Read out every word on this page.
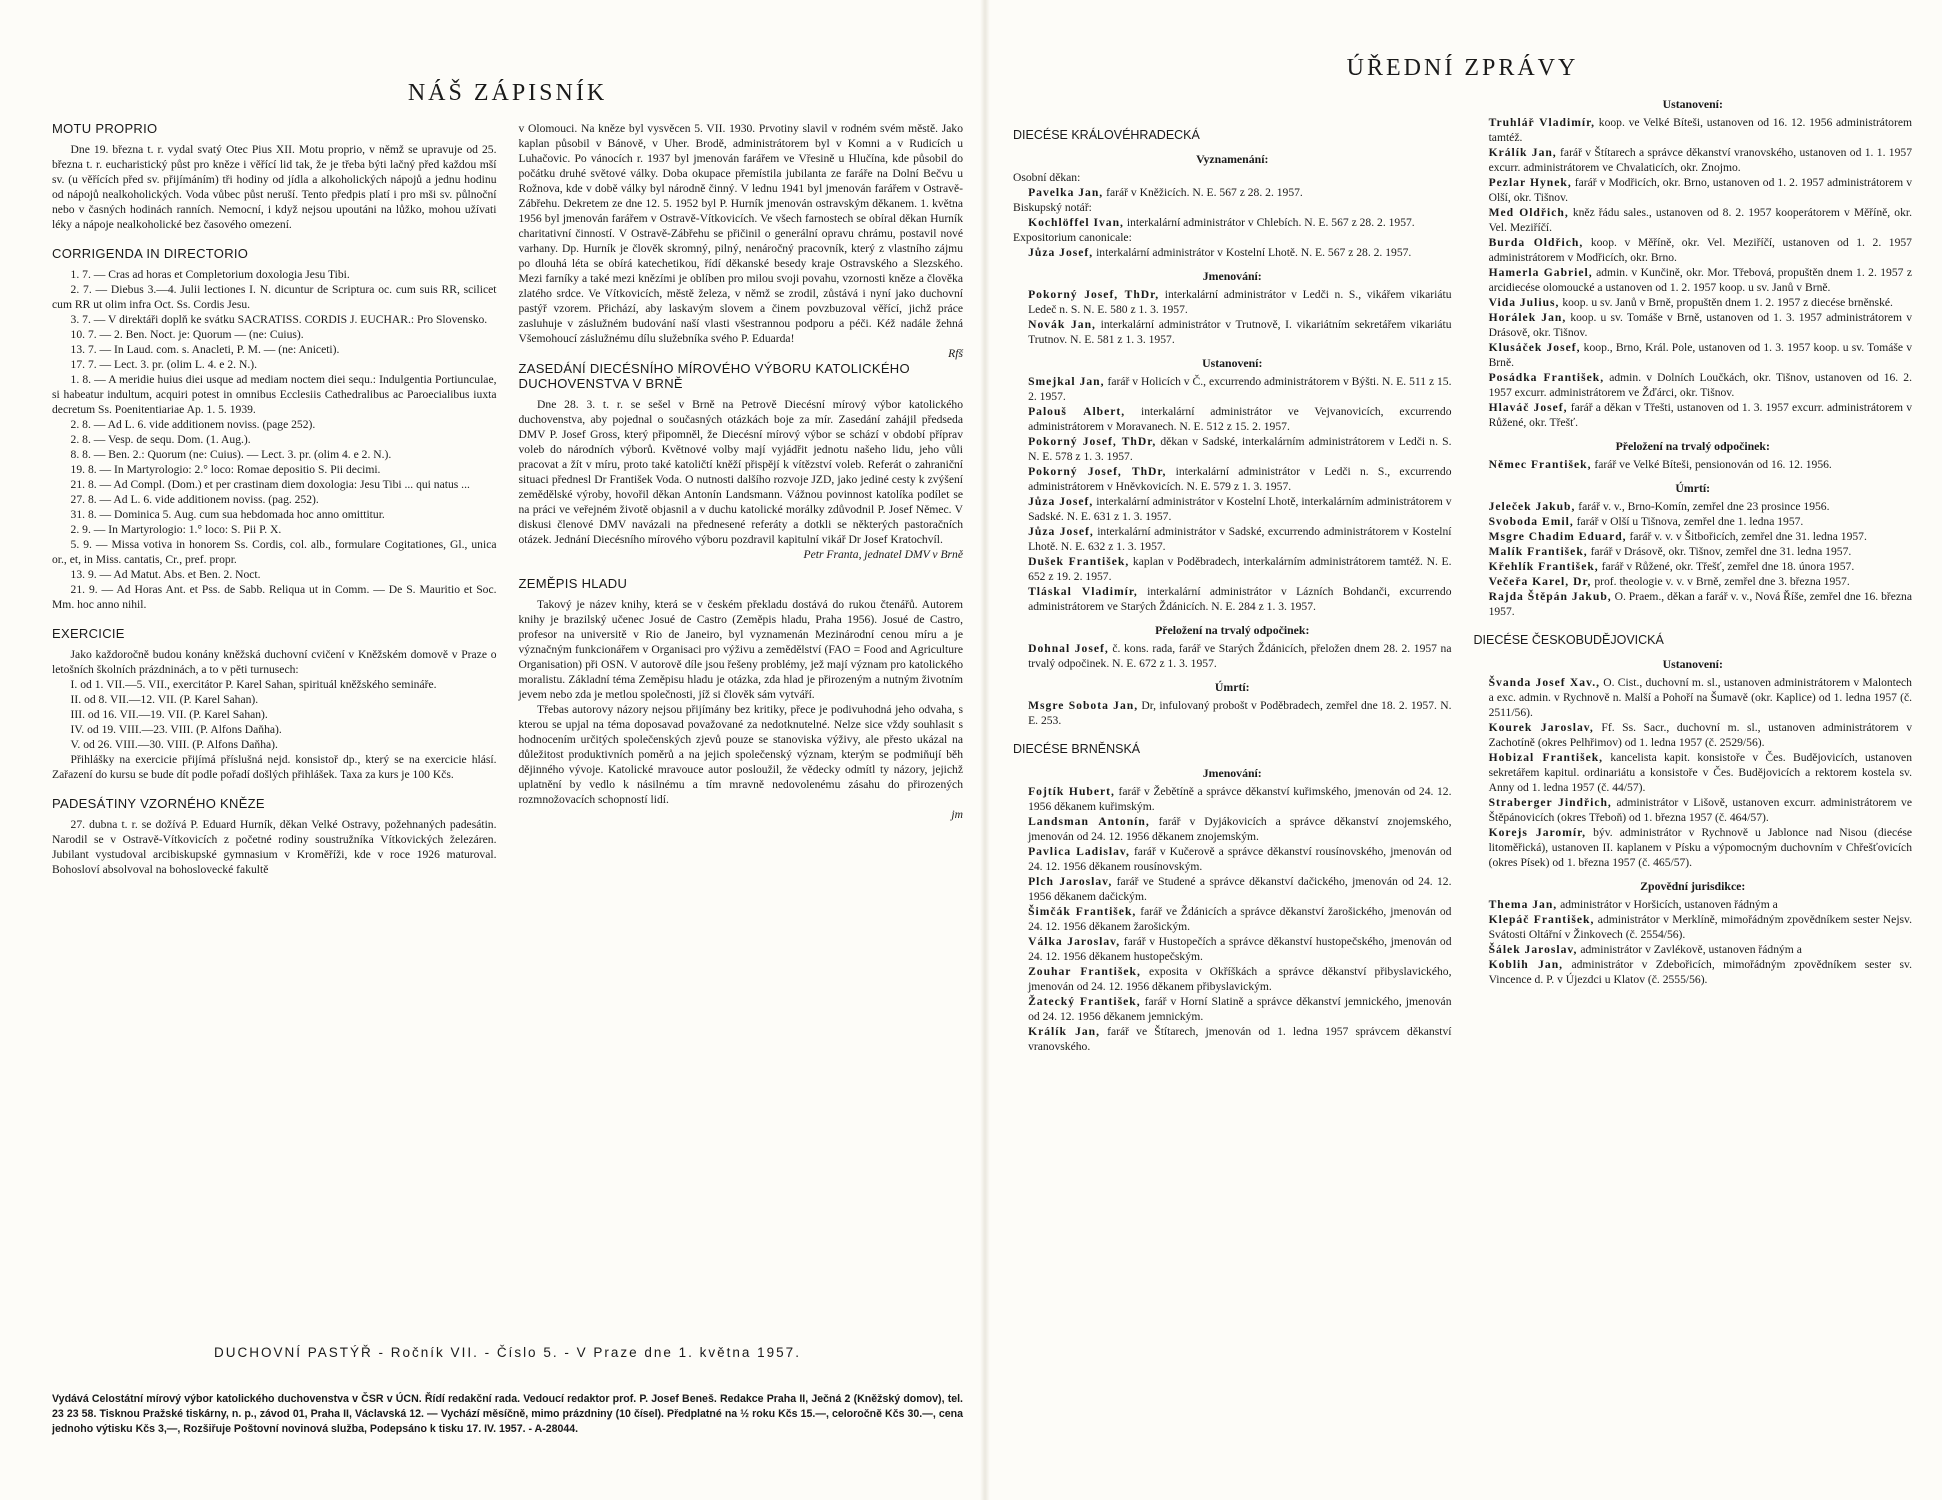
NÁŠ ZÁPISNÍK
MOTU PROPRIO

Dne 19. března t. r. vydal svatý Otec Pius XII. Motu proprio, v němž se upravuje od 25. března t. r. eucharistický půst pro kněze i věřící lid tak, že je třeba býti lačný před každou mší sv. (u věřících před sv. přijímáním) tři hodiny od jídla a alkoholických nápojů a jednu hodinu od nápojů nealkoholických. Voda vůbec půst neruší. Tento předpis platí i pro mši sv. půlnoční nebo v časných hodinách ranních. Nemocní, i když nejsou upoutáni na lůžko, mohou užívati léky a nápoje nealkoholické bez časového omezení.

CORRIGENDA IN DIRECTORIO

1. 7. — Cras ad horas et Completorium doxologia Jesu Tibi.

2. 7. — Diebus 3.—4. Julii lectiones I. N. dicuntur de Scriptura oc. cum suis RR, scilicet cum RR ut olim infra Oct. Ss. Cordis Jesu.

3. 7. — V direktáři doplň ke svátku SACRATISS. CORDIS J. EUCHAR.: Pro Slovensko.

10. 7. — 2. Ben. Noct. je: Quorum — (ne: Cuius).

13. 7. — In Laud. com. s. Anacleti, P. M. — (ne: Aniceti).

17. 7. — Lect. 3. pr. (olim L. 4. e 2. N.).

1. 8. — A meridie huius diei usque ad mediam noctem diei sequ.: Indulgentia Portiunculae, si habeatur indultum, acquiri potest in omnibus Ecclesiis Cathedralibus ac Paroecialibus iuxta decretum Ss. Poenitentiariae Ap. 1. 5. 1939.

2. 8. — Ad L. 6. vide additionem noviss. (page 252).

2. 8. — Vesp. de sequ. Dom. (1. Aug.).

8. 8. — Ben. 2.: Quorum (ne: Cuius). — Lect. 3. pr. (olim 4. e 2. N.).

19. 8. — In Martyrologio: 2.° loco: Romae depositio S. Pii decimi.

21. 8. — Ad Compl. (Dom.) et per crastinam diem doxologia: Jesu Tibi ... qui natus ...

27. 8. — Ad L. 6. vide additionem noviss. (pag. 252).

31. 8. — Dominica 5. Aug. cum sua hebdomada hoc anno omittitur.

2. 9. — In Martyrologio: 1.° loco: S. Pii P. X.

5. 9. — Missa votiva in honorem Ss. Cordis, col. alb., formulare Cogitationes, Gl., unica or., et, in Miss. cantatis, Cr., pref. propr.

13. 9. — Ad Matut. Abs. et Ben. 2. Noct.

21. 9. — Ad Horas Ant. et Pss. de Sabb. Reliqua ut in Comm. — De S. Mauritio et Soc. Mm. hoc anno nihil.

EXERCICIE

Jako každoročně budou konány kněžská duchovní cvičení v Kněžském domově v Praze o letošních školních prázdninách, a to v pěti turnusech:

I. od 1. VII.—5. VII., exercitátor P. Karel Sahan, spirituál kněžského semináře.

II. od 8. VII.—12. VII. (P. Karel Sahan).

III. od 16. VII.—19. VII. (P. Karel Sahan).

IV. od 19. VIII.—23. VIII. (P. Alfons Daňha).

V. od 26. VIII.—30. VIII. (P. Alfons Daňha).

Přihlášky na exercicie přijímá příslušná nejd. konsistoř dp., který se na exercicie hlásí. Zařazení do kursu se bude dít podle pořadí došlých přihlášek. Taxa za kurs je 100 Kčs.

PADESÁTINY VZORNÉHO KNĚZE

27. dubna t. r. se dožívá P. Eduard Hurník, děkan Velké Ostravy, požehnaných padesátin. Narodil se v Ostravě-Vítkovicích z početné rodiny soustružníka Vítkovických železáren. Jubilant vystudoval arcibiskupské gymnasium v Kroměříži, kde v roce 1926 maturoval. Bohosloví absolvoval na bohoslovecké fakultě

v Olomouci. Na kněze byl vysvěcen 5. VII. 1930. Prvotiny slavil v rodném svém městě. Jako kaplan působil v Bánově, v Uher. Brodě, administrátorem byl v Komni a v Rudicích u Luhačovic. Po vánocích r. 1937 byl jmenován farářem ve Vřesině u Hlučína, kde působil do počátku druhé světové války. Doba okupace přemístila jubilanta ze faráře na Dolní Bečvu u Rožnova, kde v době války byl národně činný. V lednu 1941 byl jmenován farářem v Ostravě-Zábřehu. Dekretem ze dne 12. 5. 1952 byl P. Hurník jmenován ostravským děkanem. 1. května 1956 byl jmenován farářem v Ostravě-Vítkovicích. Ve všech farnostech se obíral děkan Hurník charitativní činností. V Ostravě-Zábřehu se přičinil o generální opravu chrámu, postavil nové varhany. Dp. Hurník je člověk skromný, pilný, nenáročný pracovník, který z vlastního zájmu po dlouhá léta se obírá katechetikou, řídí děkanské besedy kraje Ostravského a Slezského. Mezi farníky a také mezi knězími je oblíben pro milou svoji povahu, vzornosti kněze a člověka zlatého srdce. Ve Vítkovicích, městě železa, v němž se zrodil, zůstává i nyní jako duchovní pastýř vzorem. Přichází, aby laskavým slovem a činem povzbuzoval věřící, jichž práce zasluhuje v záslužném budování naší vlasti všestrannou podporu a péči. Kéž nadále žehná Všemohoucí záslužnému dílu služebníka svého P. Eduarda!

Rfš
ZASEDÁNÍ DIECÉSNÍHO MÍROVÉHO VÝBORU KATOLICKÉHO DUCHOVENSTVA V BRNĚ

Dne 28. 3. t. r. se sešel v Brně na Petrově Diecésní mírový výbor katolického duchovenstva, aby pojednal o současných otázkách boje za mír. Zasedání zahájil předseda DMV P. Josef Gross, který připomněl, že Diecésní mírový výbor se schází v období příprav voleb do národních výborů. Květnové volby mají vyjádřit jednotu našeho lidu, jeho vůli pracovat a žít v míru, proto také katoličtí kněží přispějí k vítězství voleb. Referát o zahraniční situaci přednesl Dr František Voda. O nutnosti dalšího rozvoje JZD, jako jediné cesty k zvýšení zemědělské výroby, hovořil děkan Antonín Landsmann. Vážnou povinnost katolíka podílet se na práci ve veřejném životě objasnil a v duchu katolické morálky zdůvodnil P. Josef Němec. V diskusi členové DMV navázali na přednesené referáty a dotkli se některých pastoračních otázek. Jednání Diecésního mírového výboru pozdravil kapitulní vikář Dr Josef Kratochvíl.

Petr Franta, jednatel DMV v Brně
ZEMĚPIS HLADU

Takový je název knihy, která se v českém překladu dostává do rukou čtenářů. Autorem knihy je brazilský učenec Josué de Castro (Zeměpis hladu, Praha 1956). Josué de Castro, profesor na universitě v Rio de Janeiro, byl vyznamenán Mezinárodní cenou míru a je význačným funkcionářem v Organisaci pro výživu a zemědělství (FAO = Food and Agriculture Organisation) při OSN. V autorově díle jsou řešeny problémy, jež mají význam pro katolického moralistu. Základní téma Zeměpisu hladu je otázka, zda hlad je přirozeným a nutným životním jevem nebo zda je metlou společnosti, jíž si člověk sám vytváří.

Třebas autorovy názory nejsou přijímány bez kritiky, přece je podivuhodná jeho odvaha, s kterou se upjal na téma doposavad považované za nedotknutelné. Nelze sice vždy souhlasit s hodnocením určitých společenských zjevů pouze se stanoviska výživy, ale přesto ukázal na důležitost produktivních poměrů a na jejich společenský význam, kterým se podmiňují běh dějinného vývoje. Katolické mravouce autor posloužil, že vědecky odmítl ty názory, jejichž uplatnění by vedlo k násilnému a tím mravně nedovolenému zásahu do přirozených rozmnožovacích schopností lidí.

jm
ÚŘEDNÍ ZPRÁVY
DIECÉSE KRÁLOVÉHRADECKÁ
Vyznamenání:

Osobní děkan:

Pavelka Jan, farář v Kněžicích. N. E. 567 z 28. 2. 1957.

Biskupský notář:

Kochlöffel Ivan, interkalární administrátor v Chlebích. N. E. 567 z 28. 2. 1957.

Expositorium canonicale:

Jůza Josef, interkalární administrátor v Kostelní Lhotě. N. E. 567 z 28. 2. 1957.

Jmenování:

Pokorný Josef, ThDr, interkalární administrátor v Ledči n. S., vikářem vikariátu Ledeč n. S. N. E. 580 z 1. 3. 1957.

Novák Jan, interkalární administrátor v Trutnově, I. vikariátním sekretářem vikariátu Trutnov. N. E. 581 z 1. 3. 1957.

Ustanovení:

Smejkal Jan, farář v Holicích v Č., excurrendo administrátorem v Býšti. N. E. 511 z 15. 2. 1957.

Palouš Albert, interkalární administrátor ve Vejvanovicích, excurrendo administrátorem v Moravanech. N. E. 512 z 15. 2. 1957.

Pokorný Josef, ThDr, děkan v Sadské, interkalárním administrátorem v Ledči n. S. N. E. 578 z 1. 3. 1957.

Pokorný Josef, ThDr, interkalární administrátor v Ledči n. S., excurrendo administrátorem v Hněvkovicích. N. E. 579 z 1. 3. 1957.

Jůza Josef, interkalární administrátor v Kostelní Lhotě, interkalárním administrátorem v Sadské. N. E. 631 z 1. 3. 1957.

Jůza Josef, interkalární administrátor v Sadské, excurrendo administrátorem v Kostelní Lhotě. N. E. 632 z 1. 3. 1957.

Dušek František, kaplan v Poděbradech, interkalárním administrátorem tamtéž. N. E. 652 z 19. 2. 1957.

Tláskal Vladimír, interkalární administrátor v Lázních Bohdanči, excurrendo administrátorem ve Starých Ždánicích. N. E. 284 z 1. 3. 1957.

Přeložení na trvalý odpočinek:

Dohnal Josef, č. kons. rada, farář ve Starých Ždánicích, přeložen dnem 28. 2. 1957 na trvalý odpočinek. N. E. 672 z 1. 3. 1957.

Úmrtí:

Msgre Sobota Jan, Dr, infulovaný probošt v Poděbradech, zemřel dne 18. 2. 1957. N. E. 253.

DIECÉSE BRNĚNSKÁ
Jmenování:

Fojtík Hubert, farář v Žebětíně a správce děkanství kuřimského, jmenován od 24. 12. 1956 děkanem kuřimským.

Landsman Antonín, farář v Dyjákovicích a správce děkanství znojemského, jmenován od 24. 12. 1956 děkanem znojemským.

Pavlica Ladislav, farář v Kučerově a správce děkanství rousínovského, jmenován od 24. 12. 1956 děkanem rousínovským.

Plch Jaroslav, farář ve Studené a správce děkanství dačického, jmenován od 24. 12. 1956 děkanem dačickým.

Šimčák František, farář ve Ždánicích a správce děkanství žarošického, jmenován od 24. 12. 1956 děkanem žarošickým.

Válka Jaroslav, farář v Hustopečích a správce děkanství hustopečského, jmenován od 24. 12. 1956 děkanem hustopečským.

Zouhar František, exposita v Okříškách a správce děkanství přibyslavického, jmenován od 24. 12. 1956 děkanem přibyslavickým.

Žatecký František, farář v Horní Slatině a správce děkanství jemnického, jmenován od 24. 12. 1956 děkanem jemnickým.

Králík Jan, farář ve Štítarech, jmenován od 1. ledna 1957 správcem děkanství vranovského.

Ustanovení:

Truhlář Vladimír, koop. ve Velké Bíteši, ustanoven od 16. 12. 1956 administrátorem tamtéž.

Králík Jan, farář v Štítarech a správce děkanství vranovského, ustanoven od 1. 1. 1957 excurr. administrátorem ve Chvalaticích, okr. Znojmo.

Pezlar Hynek, farář v Modřicích, okr. Brno, ustanoven od 1. 2. 1957 administrátorem v Olší, okr. Tišnov.

Med Oldřich, kněz řádu sales., ustanoven od 8. 2. 1957 kooperátorem v Měříně, okr. Vel. Meziříčí.

Burda Oldřich, koop. v Měříně, okr. Vel. Meziříčí, ustanoven od 1. 2. 1957 administrátorem v Modřicích, okr. Brno.

Hamerla Gabriel, admin. v Kunčině, okr. Mor. Třebová, propuštěn dnem 1. 2. 1957 z arcidiecése olomoucké a ustanoven od 1. 2. 1957 koop. u sv. Janů v Brně.

Vida Julius, koop. u sv. Janů v Brně, propuštěn dnem 1. 2. 1957 z diecése brněnské.

Horálek Jan, koop. u sv. Tomáše v Brně, ustanoven od 1. 3. 1957 administrátorem v Drásově, okr. Tišnov.

Klusáček Josef, koop., Brno, Král. Pole, ustanoven od 1. 3. 1957 koop. u sv. Tomáše v Brně.

Posádka František, admin. v Dolních Loučkách, okr. Tišnov, ustanoven od 16. 2. 1957 excurr. administrátorem ve Žďárci, okr. Tišnov.

Hlaváč Josef, farář a děkan v Třešti, ustanoven od 1. 3. 1957 excurr. administrátorem v Růžené, okr. Třešť.

Přeložení na trvalý odpočinek:

Němec František, farář ve Velké Bíteši, pensionován od 16. 12. 1956.

Úmrtí:

Jeleček Jakub, farář v. v., Brno-Komín, zemřel dne 23 prosince 1956.

Svoboda Emil, farář v Olší u Tišnova, zemřel dne 1. ledna 1957.

Msgre Chadim Eduard, farář v. v. v Šitbořicích, zemřel dne 31. ledna 1957.

Malík František, farář v Drásově, okr. Tišnov, zemřel dne 31. ledna 1957.

Křehlík František, farář v Růžené, okr. Třešť, zemřel dne 18. února 1957.

Večeřa Karel, Dr, prof. theologie v. v. v Brně, zemřel dne 3. března 1957.

Rajda Štěpán Jakub, O. Praem., děkan a farář v. v., Nová Říše, zemřel dne 16. března 1957.

DIECÉSE ČESKOBUDĚJOVICKÁ
Ustanovení:

Švanda Josef Xav., O. Cist., duchovní m. sl., ustanoven administrátorem v Malontech a exc. admin. v Rychnově n. Malší a Pohoří na Šumavě (okr. Kaplice) od 1. ledna 1957 (č. 2511/56).

Kourek Jaroslav, Ff. Ss. Sacr., duchovní m. sl., ustanoven administrátorem v Zachotíně (okres Pelhřimov) od 1. ledna 1957 (č. 2529/56).

Hobizal František, kancelista kapit. konsistoře v Čes. Budějovicích, ustanoven sekretářem kapitul. ordinariátu a konsistoře v Čes. Budějovicích a rektorem kostela sv. Anny od 1. ledna 1957 (č. 44/57).

Straberger Jindřich, administrátor v Lišově, ustanoven excurr. administrátorem ve Štěpánovicích (okres Třeboň) od 1. března 1957 (č. 464/57).

Korejs Jaromír, býv. administrátor v Rychnově u Jablonce nad Nisou (diecése litoměřická), ustanoven II. kaplanem v Písku a výpomocným duchovním v Chřešťovicích (okres Písek) od 1. března 1957 (č. 465/57).

Zpovědní jurisdikce:

Thema Jan, administrátor v Horšicích, ustanoven řádným a

Klepáč František, administrátor v Merklíně, mimořádným zpovědníkem sester Nejsv. Svátosti Oltářní v Žinkovech (č. 2554/56).

Šálek Jaroslav, administrátor v Zavlékově, ustanoven řádným a

Koblih Jan, administrátor v Zdebořicích, mimořádným zpovědníkem sester sv. Vincence d. P. v Újezdci u Klatov (č. 2555/56).

DUCHOVNÍ PASTÝŘ - Ročník VII. - Číslo 5. - V Praze dne 1. května 1957.
Vydává Celostátní mírový výbor katolického duchovenstva v ČSR v ÚCN. Řídí redakční rada. Vedoucí redaktor prof. P. Josef Beneš. Redakce Praha II, Ječná 2 (Kněžský domov), tel. 23 23 58. Tisknou Pražské tiskárny, n. p., závod 01, Praha II, Václavská 12. — Vychází měsíčně, mimo prázdniny (10 čísel). Předplatné na ½ roku Kčs 15.—, celoročně Kčs 30.—, cena jednoho výtisku Kčs 3,—, Rozšiřuje Poštovní novinová služba, Podepsáno k tisku 17. IV. 1957. - A-28044.
